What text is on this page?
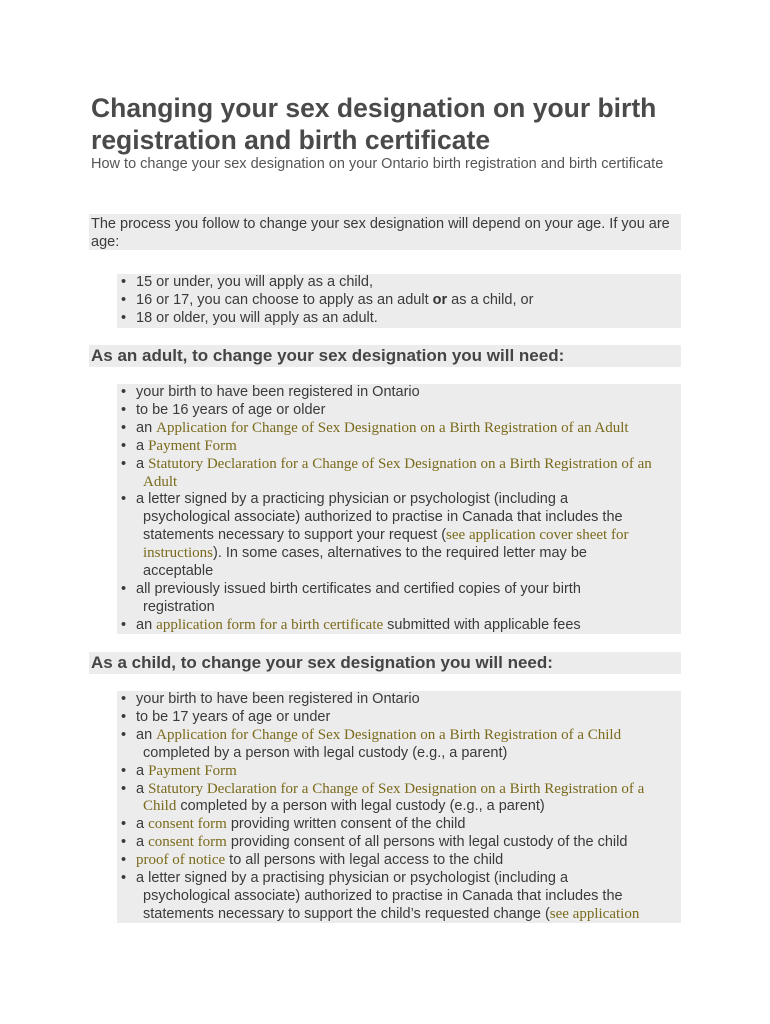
Changing your sex designation on your birth registration and birth certificate

How to change your sex designation on your Ontario birth registration and birth certificate

The process you follow to change your sex designation will depend on your age. If you are age:
• 15 or under, you will apply as a child,
• 16 or 17, you can choose to apply as an adult or as a child, or
• 18 or older, you will apply as an adult.
As an adult, to change your sex designation you will need:
• your birth to have been registered in Ontario
• to be 16 years of age or older
• an Application for Change of Sex Designation on a Birth Registration of an Adult
• a Payment Form
• a Statutory Declaration for a Change of Sex Designation on a Birth Registration of an
Adult
• a letter signed by a practicing physician or psychologist (including a
psychological associate) authorized to practise in Canada that includes the
statements necessary to support your request (see application cover sheet for
instructions). In some cases, alternatives to the required letter may be
acceptable
• all previously issued birth certificates and certified copies of your birth
registration
• an application form for a birth certificate submitted with applicable fees
As a child, to change your sex designation you will need:
• your birth to have been registered in Ontario
• to be 17 years of age or under
• an Application for Change of Sex Designation on a Birth Registration of a Child
completed by a person with legal custody (e.g., a parent)
• a Payment Form
• a Statutory Declaration for a Change of Sex Designation on a Birth Registration of a
Child completed by a person with legal custody (e.g., a parent)
• a consent form providing written consent of the child
• a consent form providing consent of all persons with legal custody of the child
• proof of notice to all persons with legal access to the child
• a letter signed by a practising physician or psychologist (including a
psychological associate) authorized to practise in Canada that includes the
statements necessary to support the child’s requested change (see application
